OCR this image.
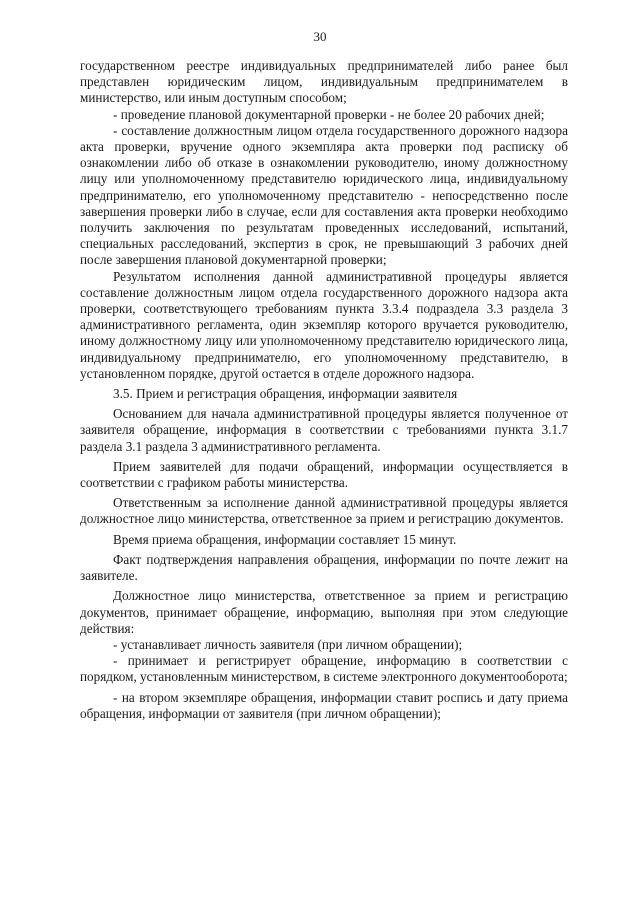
30

государственном реестре индивидуальных предпринимателей либо ранее был представлен юридическим лицом, индивидуальным предпринимателем в министерство, или иным доступным способом;

- проведение плановой документарной проверки - не более 20 рабочих дней;

- составление должностным лицом отдела государственного дорожного надзора акта проверки, вручение одного экземпляра акта проверки под расписку об ознакомлении либо об отказе в ознакомлении руководителю, иному должностному лицу или уполномоченному представителю юридического лица, индивидуальному предпринимателю, его уполномоченному представителю - непосредственно после завершения проверки либо в случае, если для составления акта проверки необходимо получить заключения по результатам проведенных исследований, испытаний, специальных расследований, экспертиз в срок, не превышающий 3 рабочих дней после завершения плановой документарной проверки;

Результатом исполнения данной административной процедуры является составление должностным лицом отдела государственного дорожного надзора акта проверки, соответствующего требованиям пункта 3.3.4 подраздела 3.3 раздела 3 административного регламента, один экземпляр которого вручается руководителю, иному должностному лицу или уполномоченному представителю юридического лица, индивидуальному предпринимателю, его уполномоченному представителю, в установленном порядке, другой остается в отделе дорожного надзора.

3.5. Прием и регистрация обращения, информации заявителя

Основанием для начала административной процедуры является полученное от заявителя обращение, информация в соответствии с требованиями пункта 3.1.7 раздела 3.1 раздела 3 административного регламента.

Прием заявителей для подачи обращений, информации осуществляется в соответствии с графиком работы министерства.

Ответственным за исполнение данной административной процедуры является должностное лицо министерства, ответственное за прием и регистрацию документов.

Время приема обращения, информации составляет 15 минут.

Факт подтверждения направления обращения, информации по почте лежит на заявителе.

Должностное лицо министерства, ответственное за прием и регистрацию документов, принимает обращение, информацию, выполняя при этом следующие действия:

- устанавливает личность заявителя (при личном обращении);

- принимает и регистрирует обращение, информацию в соответствии с порядком, установленным министерством, в системе электронного документооборота;

- на втором экземпляре обращения, информации ставит роспись и дату приема обращения, информации от заявителя (при личном обращении);
